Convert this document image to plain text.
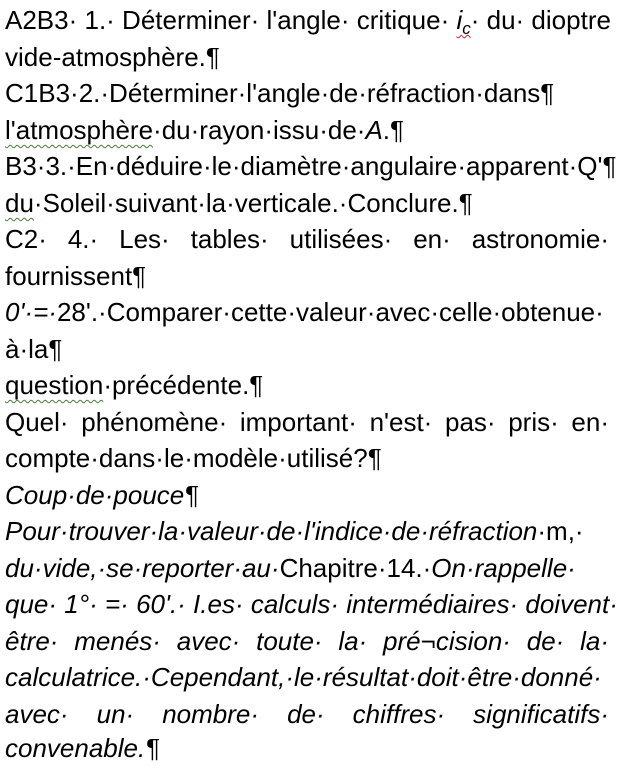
A2B3· 1.· Déterminer· l'angle· critique· $i_c\cdot du\cdot$ dioptre
vide-atmosphère.¶
C1B3·2.·Déterminer·l'angle·de·réfraction·dans¶
l'atmosphère·du·rayon·issu·de·A.¶
B3·3.·En·déduire·le·diamètre·angulaire·apparent·Q'¶
du·Soleil·suivant·la·verticale.·Conclure.¶
C2· 4.· Les· tables· utilisées· en· astronomie·
fournissent¶
0'·=·28'.·Comparer·cette·valeur·avec·celle·obtenue·
à·la¶
question·précédente.¶
Quel· phénomène· important· n'est· pas· pris· en·
compte·dans·le·modèle·utilisé?¶
Coup·de·pouce¶
Pour·trouver·la·valeur·de·l'indice·de·réfraction·m,·
du·vide,·se·reporter·au·Chapitre·14.·On·rappelle·
que· 1°· =· 60'.· I.es· calculs· intermédiaires· doivent·
être· menés· avec· toute· la· pré¬cision· de· la·
calculatrice.·Cependant,·le·résultat·doit·être·donné·
avec· un· nombre· de· chiffres· significatifs·
convenable.¶
